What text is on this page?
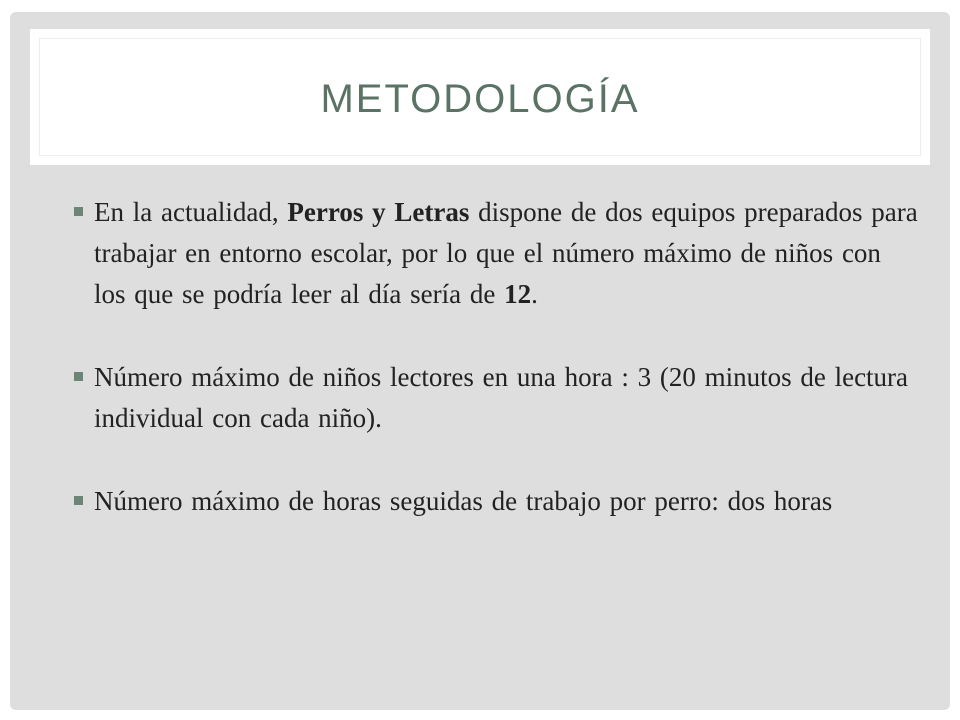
METODOLOGÍA
En la actualidad, Perros y Letras dispone de dos equipos preparados para trabajar en entorno escolar, por lo que el número máximo de niños con los que se podría leer al día sería de 12.
Número máximo de niños lectores en una hora : 3 (20 minutos de lectura individual con cada niño).
Número máximo de horas seguidas de trabajo por perro: dos horas
